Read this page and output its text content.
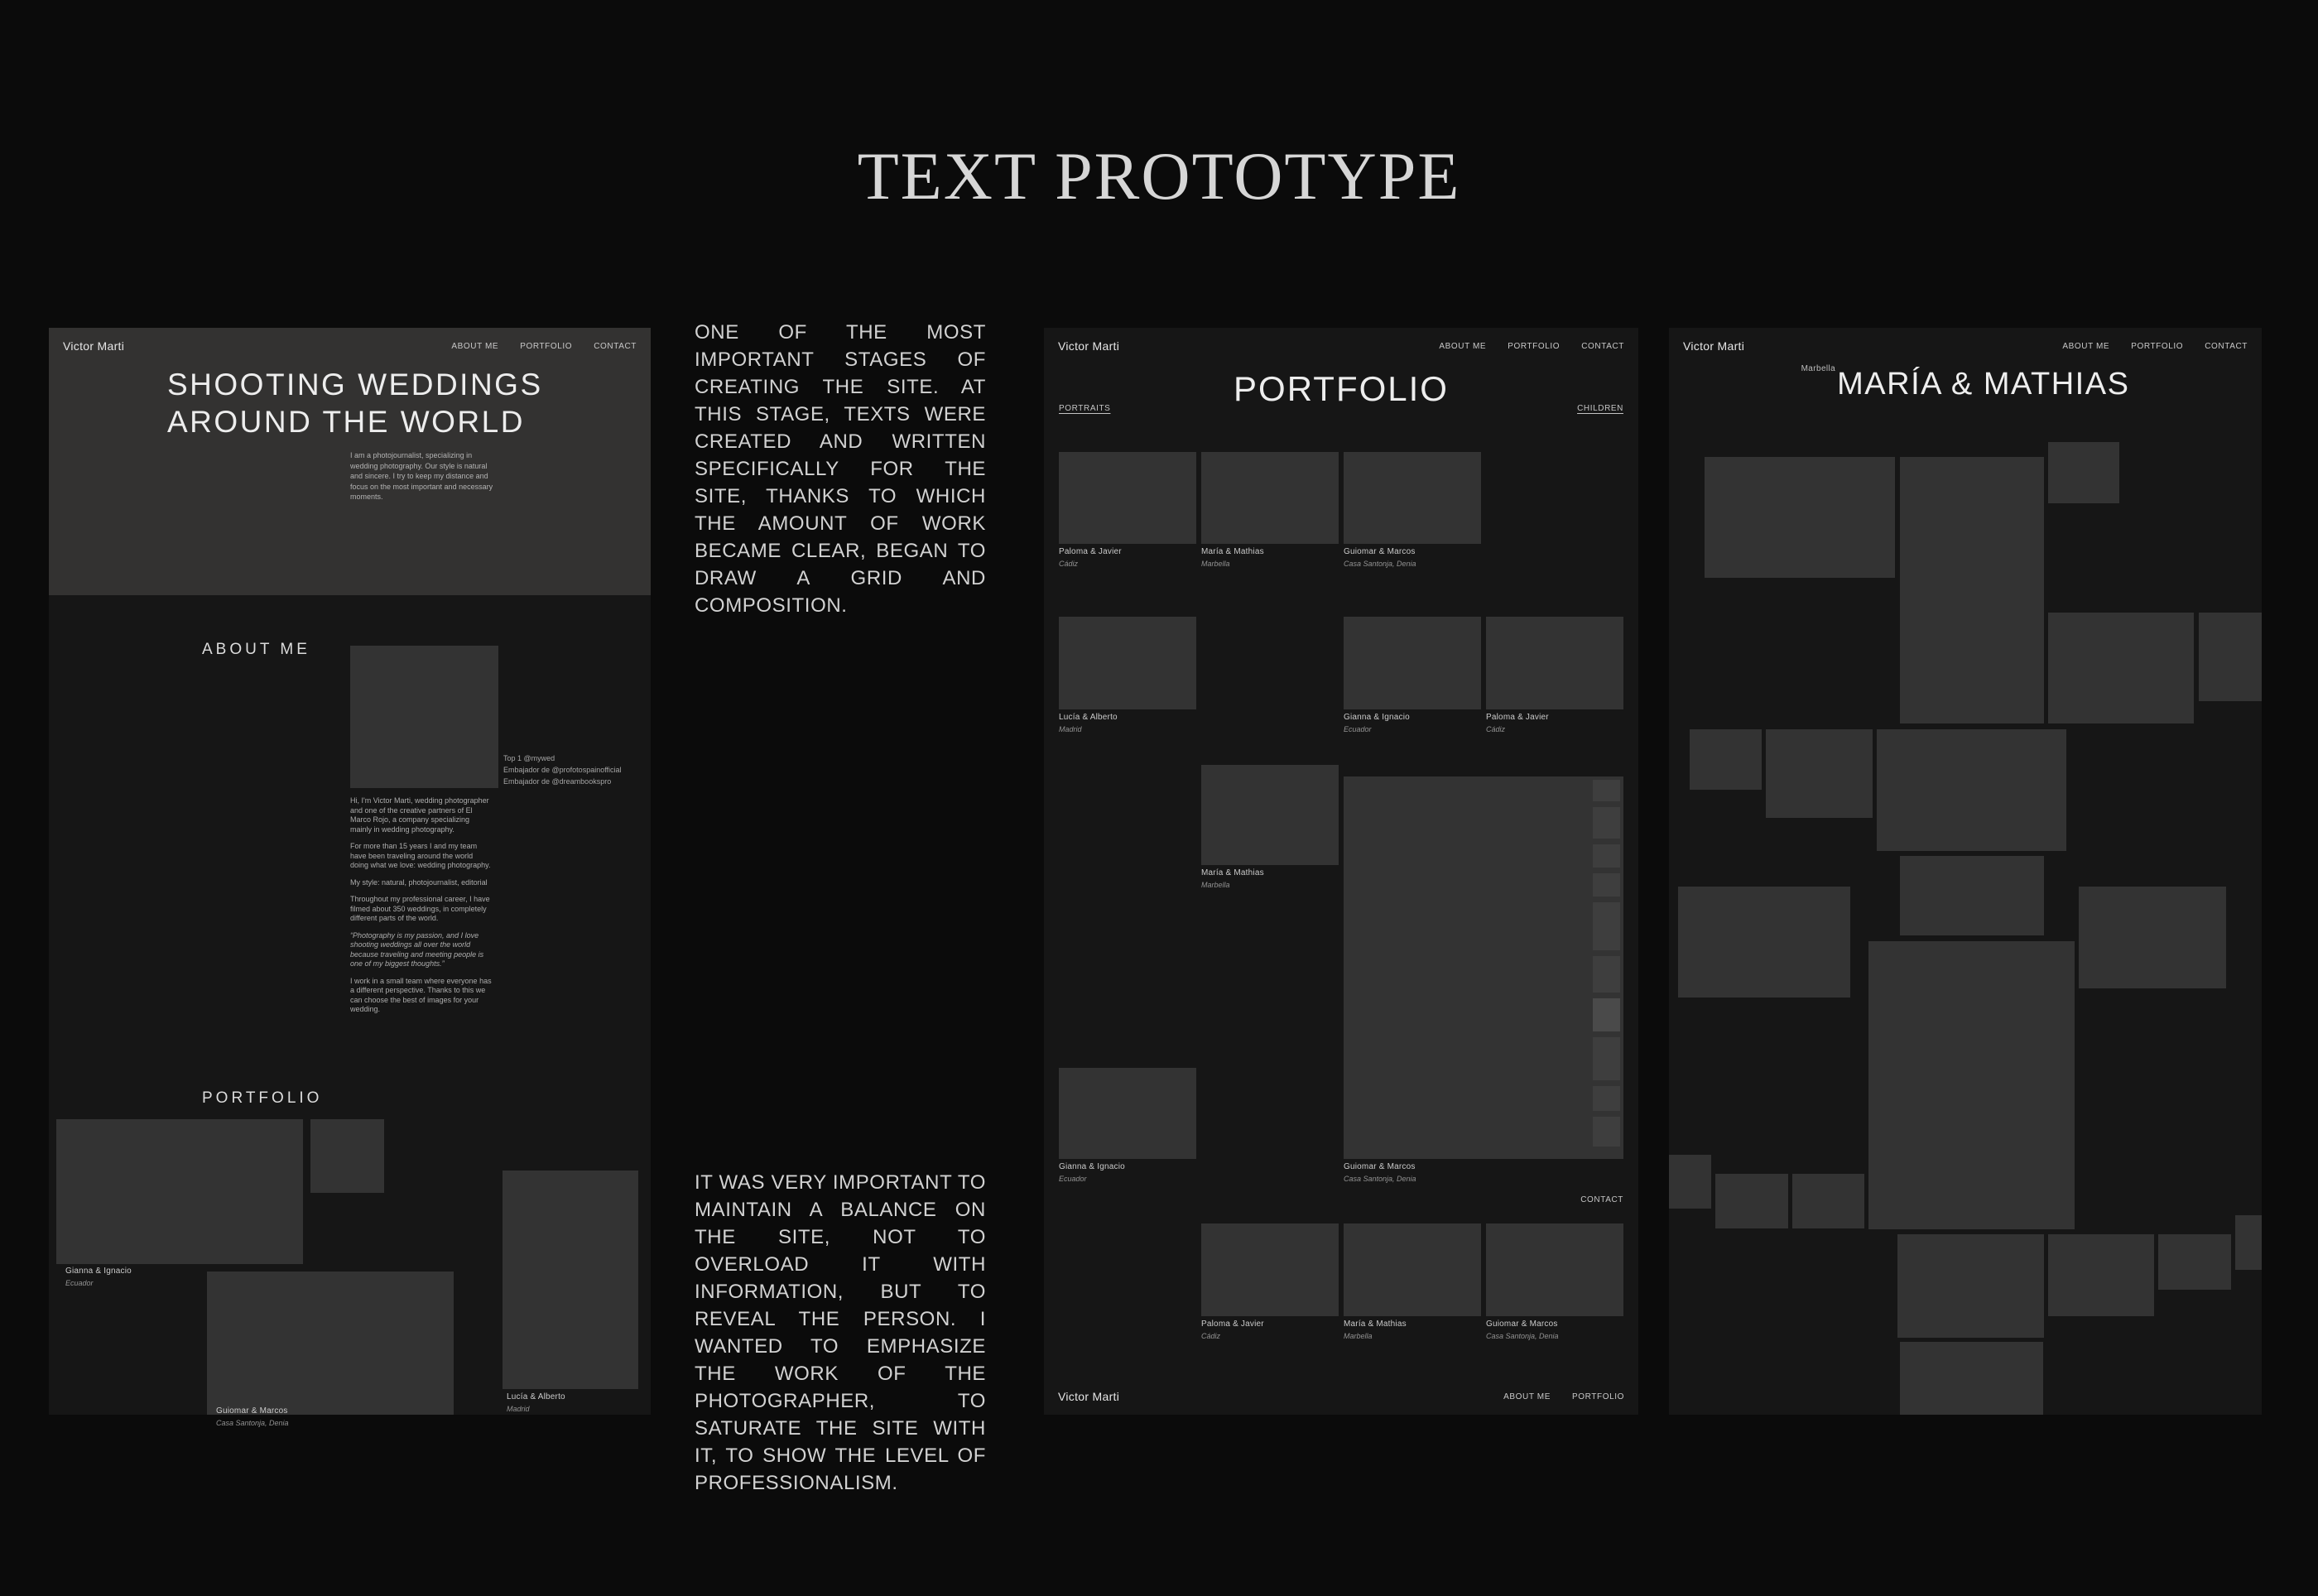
TEXT PROTOTYPE
ONE OF THE MOST IMPORTANT STAGES OF CREATING THE SITE. AT THIS STAGE, TEXTS WERE CREATED AND WRITTEN SPECIFICALLY FOR THE SITE, THANKS TO WHICH THE AMOUNT OF WORK BECAME CLEAR, BEGAN TO DRAW A GRID AND COMPOSITION.
IT WAS VERY IMPORTANT TO MAINTAIN A BALANCE ON THE SITE, NOT TO OVERLOAD IT WITH INFORMATION, BUT TO REVEAL THE PERSON. I WANTED TO EMPHASIZE THE WORK OF THE PHOTOGRAPHER, TO SATURATE THE SITE WITH IT, TO SHOW THE LEVEL OF PROFESSIONALISM.
Victor Marti	ABOUT ME	PORTFOLIO	CONTACT
SHOOTING WEDDINGS
AROUND THE WORLD
I am a photojournalist, specializing in wedding photography. Our style is natural and sincere. I try to keep my distance and focus on the most important and necessary moments.
ABOUT ME
Top 1 @mywed
Embajador de @profotospainofficial
Embajador de @dreambookspro

Hi, I'm Victor Marti, wedding photographer and one of the creative partners of El Marco Rojo, a company specializing mainly in wedding photography.

For more than 15 years I and my team have been traveling around the world doing what we love: wedding photography.

My style: natural, photojournalist, editorial

Throughout my professional career, I have filmed about 350 weddings, in completely different parts of the world.

“Photography is my passion, and I love shooting weddings all over the world because traveling and meeting people is one of my biggest thoughts.”

I work in a small team where everyone has a different perspective. Thanks to this we can choose the best of images for your wedding.

PORTFOLIO
Gianna & Ignacio
Ecuador
Guiomar & Marcos
Casa Santonja, Denia
Lucía & Alberto
Madrid
Victor Marti	ABOUT ME	PORTFOLIO	CONTACT
PORTFOLIO
PORTRAITS	CHILDREN
Paloma & Javier
Cádiz
María & Mathias
Marbella
Guiomar & Marcos
Casa Santonja, Denia
Lucía & Alberto
Madrid
Gianna & Ignacio
Ecuador
Paloma & Javier
Cádiz
María & Mathias
Marbella
Guiomar & Marcos
Casa Santonja, Denia
Gianna & Ignacio
Ecuador
CONTACT
Paloma & Javier
Cádiz
María & Mathias
Marbella
Guiomar & Marcos
Casa Santonja, Denia
Victor Marti	ABOUT ME	PORTFOLIO
Victor Marti	ABOUT ME	PORTFOLIO	CONTACT
$^{Marbella}$MARÍA & MATHIAS
